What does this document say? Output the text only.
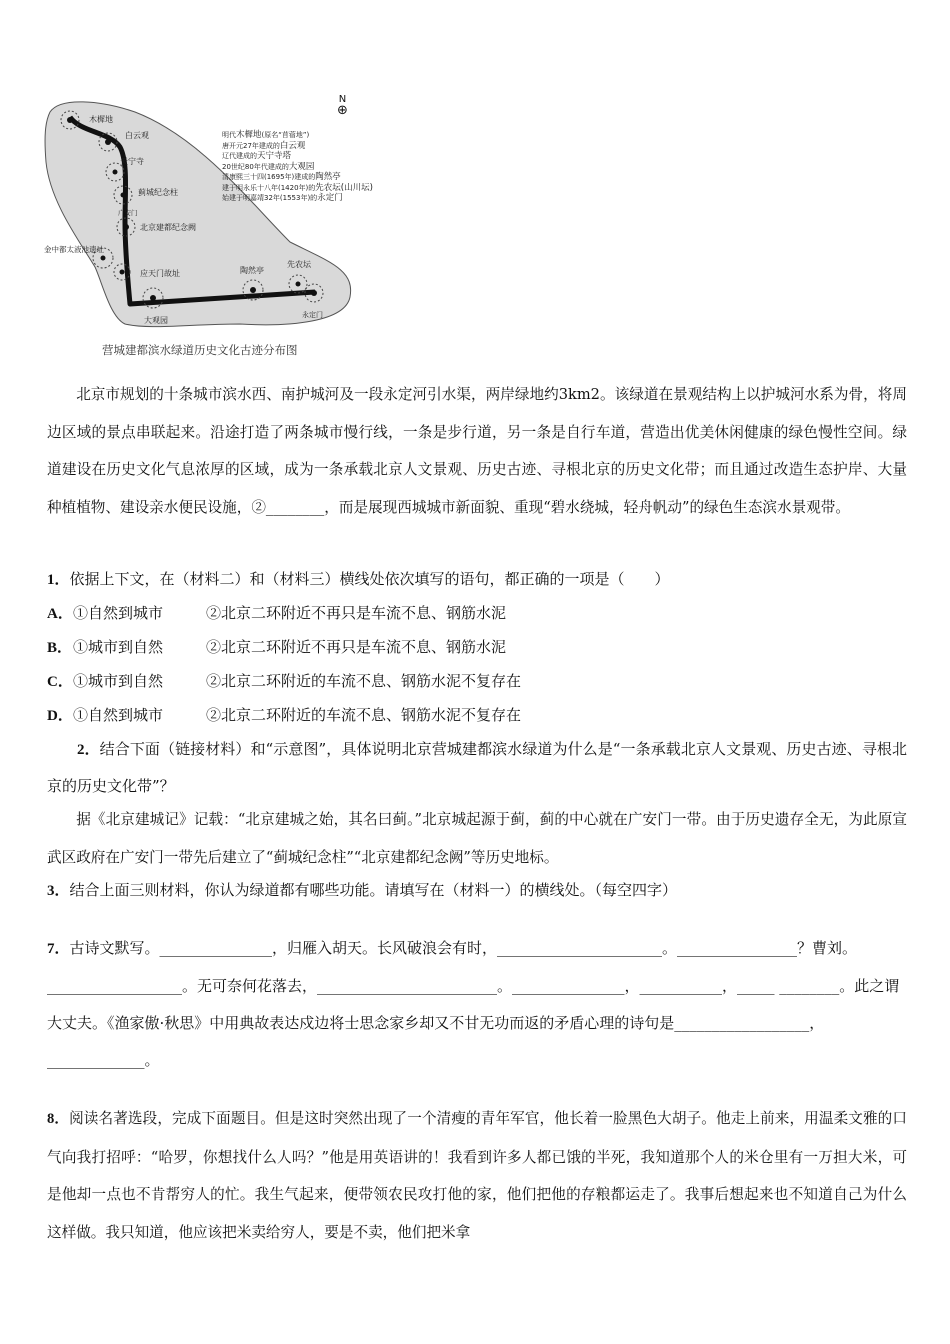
N
⊕
木樨地
白云观
天宁寺
蓟城纪念柱
广安门
北京建都纪念阙
金中都太液池遗址
应天门故址
大观园
陶然亭
先农坛
永定门
明代木樨地(原名“苜蓿地”)
唐开元27年建成的白云观
辽代建成的天宁寺塔
20世纪80年代建成的大观园
清康熙三十四(1695年)建成的陶然亭
建于明永乐十八年(1420年)的先农坛(山川坛)
始建于明嘉靖32年(1553年)的永定门
营城建都滨水绿道历史文化古迹分布图
北京市规划的十条城市滨水西、南护城河及一段永定河引水渠，两岸绿地约3km2。该绿道在景观结构上以护城河水系为骨，将周边区域的景点串联起来。沿途打造了两条城市慢行线，一条是步行道，另一条是自行车道，营造出优美休闲健康的绿色慢性空间。绿道建设在历史文化气息浓厚的区域，成为一条承载北京人文景观、历史古迹、寻根北京的历史文化带；而且通过改造生态护岸、大量种植植物、建设亲水便民设施，②________，而是展现西城城市新面貌、重现“碧水绕城，轻舟帆动”的绿色生态滨水景观带。
1．依据上下文，在（材料二）和（材料三）横线处依次填写的语句，都正确的一项是（　　）
A．①自然到城市	②北京二环附近不再只是车流不息、钢筋水泥
B．①城市到自然	②北京二环附近不再只是车流不息、钢筋水泥
C．①城市到自然	②北京二环附近的车流不息、钢筋水泥不复存在
D．①自然到城市	②北京二环附近的车流不息、钢筋水泥不复存在
2．结合下面（链接材料）和“示意图”，具体说明北京营城建都滨水绿道为什么是“一条承载北京人文景观、历史古迹、寻根北京的历史文化带”？
据《北京建城记》记载：“北京建城之始，其名曰蓟。”北京城起源于蓟，蓟的中心就在广安门一带。由于历史遗存全无，为此原宣武区政府在广安门一带先后建立了“蓟城纪念柱”“北京建都纪念阙”等历史地标。
3．结合上面三则材料，你认为绿道都有哪些功能。请填写在（材料一）的横线处。（每空四字）
7．古诗文默写。_______________，归雁入胡天。长风破浪会有时，______________________。________________？曹刘。__________________。无可奈何花落去，________________________。_______________，___________，_____ ________。此之谓大丈夫。《渔家傲·秋思》中用典故表达戍边将士思念家乡却又不甘无功而返的矛盾心理的诗句是__________________，_____________。
8．阅读名著选段，完成下面题目。但是这时突然出现了一个清瘦的青年军官，他长着一脸黑色大胡子。他走上前来，用温柔文雅的口气向我打招呼：“哈罗，你想找什么人吗？”他是用英语讲的！我看到许多人都已饿的半死，我知道那个人的米仓里有一万担大米，可是他却一点也不肯帮穷人的忙。我生气起来，便带领农民攻打他的家，他们把他的存粮都运走了。我事后想起来也不知道自己为什么这样做。我只知道，他应该把米卖给穷人，要是不卖，他们把米拿
